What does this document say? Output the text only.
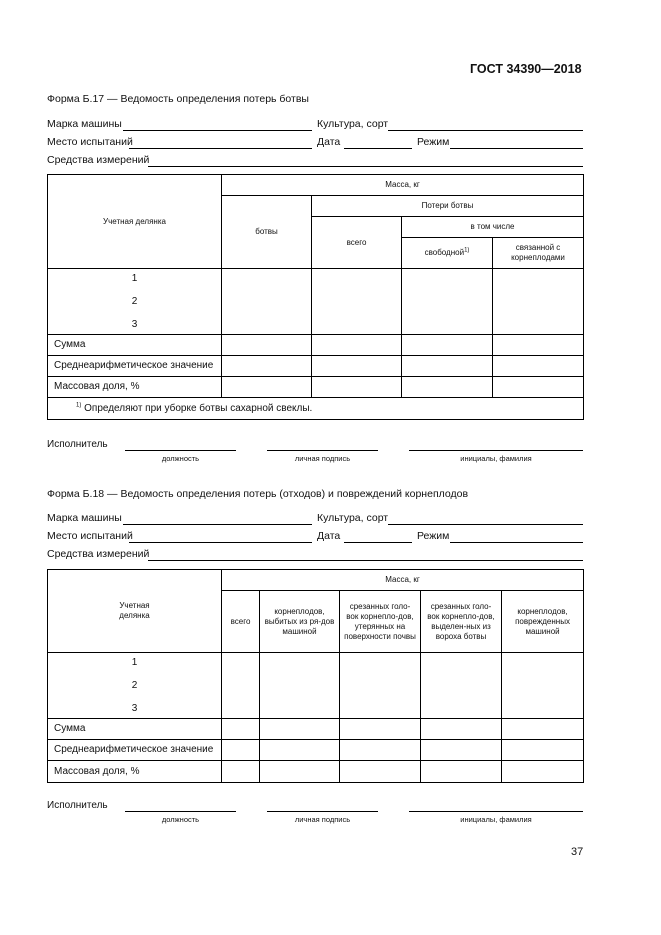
ГОСТ 34390—2018
Форма Б.17 — Ведомость определения потерь ботвы
Марка машины	Культура, сорт
Место испытаний	Дата	Режим
Средства измерений
Учетная делянка	Масса, кг			
	ботвы	Потери ботвы		
		всего	в том числе	
			свободной$^{1)}$	связанной с корнеплодами

1
2
3				

Сумма				
Среднеарифметическое значение				
Массовая доля, %				
$^{1)}$ Определяют при уборке ботвы сахарной свеклы.				
Исполнитель
должность	личная подпись	инициалы, фамилия
Форма Б.18 — Ведомость определения потерь (отходов) и повреждений корнеплодов
Марка машины	Культура, сорт
Место испытаний	Дата	Режим
Средства измерений
Учетная делянка	Масса, кг				
	всего	корнеплодов, выбитых из ря-дов машиной	срезанных голо-вок корнепло-дов, утерянных на поверхности почвы	срезанных голо-вок корнепло-дов, выделен-ных из вороха ботвы	корнеплодов, поврежденных машиной

1
2
3					

Сумма					
Среднеарифметическое значение					
Массовая доля, %					
Исполнитель
должность	личная подпись	инициалы, фамилия
37
